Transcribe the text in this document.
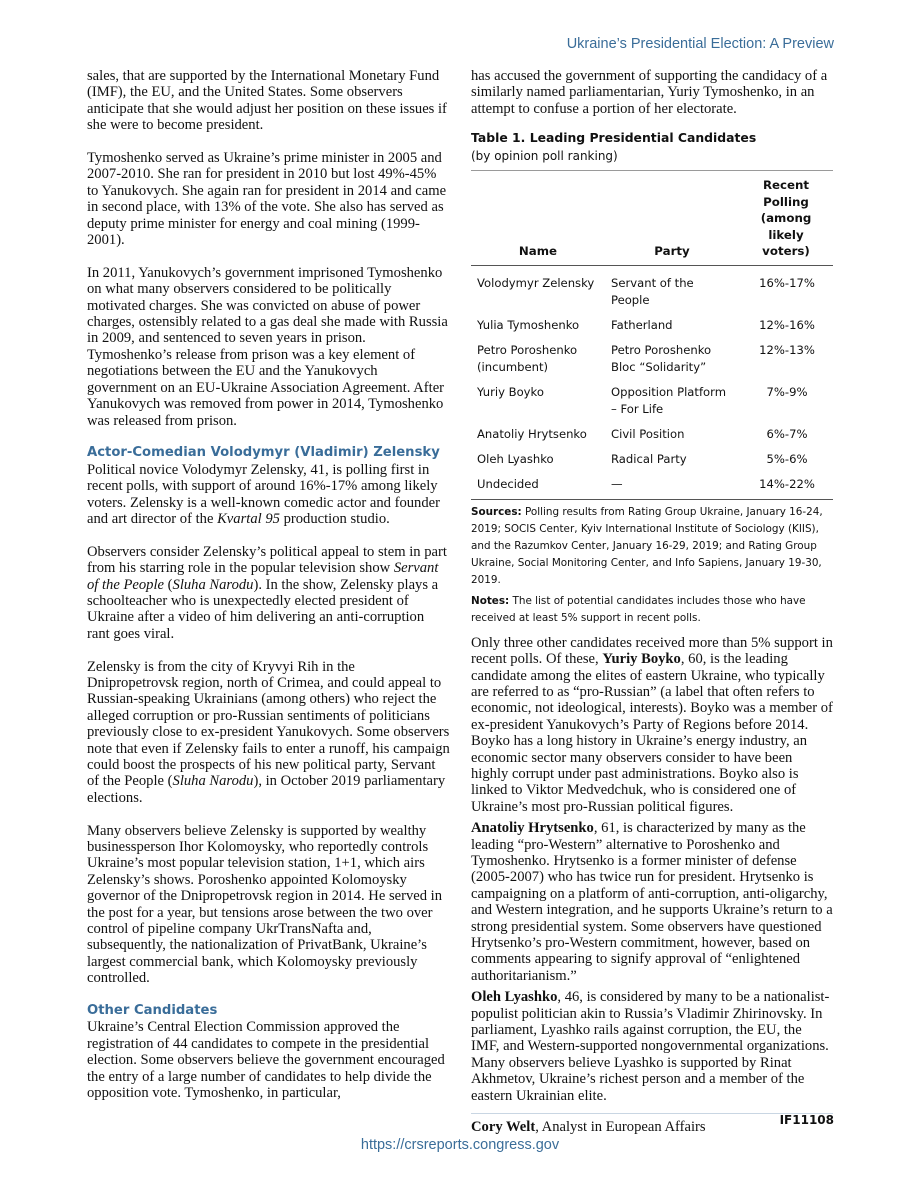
Ukraine’s Presidential Election: A Preview

sales, that are supported by the International Monetary Fund (IMF), the EU, and the United States. Some observers anticipate that she would adjust her position on these issues if she were to become president.

Tymoshenko served as Ukraine’s prime minister in 2005 and 2007-2010. She ran for president in 2010 but lost 49%-45% to Yanukovych. She again ran for president in 2014 and came in second place, with 13% of the vote. She also has served as deputy prime minister for energy and coal mining (1999-2001).

In 2011, Yanukovych’s government imprisoned Tymoshenko on what many observers considered to be politically motivated charges. She was convicted on abuse of power charges, ostensibly related to a gas deal she made with Russia in 2009, and sentenced to seven years in prison. Tymoshenko’s release from prison was a key element of negotiations between the EU and the Yanukovych government on an EU-Ukraine Association Agreement. After Yanukovych was removed from power in 2014, Tymoshenko was released from prison.

Actor-Comedian Volodymyr (Vladimir) Zelensky

Political novice Volodymyr Zelensky, 41, is polling first in recent polls, with support of around 16%-17% among likely voters. Zelensky is a well-known comedic actor and founder and art director of the Kvartal 95 production studio.

Observers consider Zelensky’s political appeal to stem in part from his starring role in the popular television show Servant of the People (Sluha Narodu). In the show, Zelensky plays a schoolteacher who is unexpectedly elected president of Ukraine after a video of him delivering an anti-corruption rant goes viral.

Zelensky is from the city of Kryvyi Rih in the Dnipropetrovsk region, north of Crimea, and could appeal to Russian-speaking Ukrainians (among others) who reject the alleged corruption or pro-Russian sentiments of politicians previously close to ex-president Yanukovych. Some observers note that even if Zelensky fails to enter a runoff, his campaign could boost the prospects of his new political party, Servant of the People (Sluha Narodu), in October 2019 parliamentary elections.

Many observers believe Zelensky is supported by wealthy businessperson Ihor Kolomoysky, who reportedly controls Ukraine’s most popular television station, 1+1, which airs Zelensky’s shows. Poroshenko appointed Kolomoysky governor of the Dnipropetrovsk region in 2014. He served in the post for a year, but tensions arose between the two over control of pipeline company UkrTransNafta and, subsequently, the nationalization of PrivatBank, Ukraine’s largest commercial bank, which Kolomoysky previously controlled.

Other Candidates

Ukraine’s Central Election Commission approved the registration of 44 candidates to compete in the presidential election. Some observers believe the government encouraged the entry of a large number of candidates to help divide the opposition vote. Tymoshenko, in particular,

has accused the government of supporting the candidacy of a similarly named parliamentarian, Yuriy Tymoshenko, in an attempt to confuse a portion of her electorate.

Table 1. Leading Presidential Candidates
(by opinion poll ranking)
Name	Party	Recent Polling (among likely voters)
Volodymyr Zelensky	Servant of the People	16%-17%
Yulia Tymoshenko	Fatherland	12%-16%
Petro Poroshenko (incumbent)	Petro Poroshenko Bloc “Solidarity”	12%-13%
Yuriy Boyko	Opposition Platform – For Life	7%-9%
Anatoliy Hrytsenko	Civil Position	6%-7%
Oleh Lyashko	Radical Party	5%-6%
Undecided	—	14%-22%

Sources: Polling results from Rating Group Ukraine, January 16-24, 2019; SOCIS Center, Kyiv International Institute of Sociology (KIIS), and the Razumkov Center, January 16-29, 2019; and Rating Group Ukraine, Social Monitoring Center, and Info Sapiens, January 19-30, 2019.

Notes: The list of potential candidates includes those who have received at least 5% support in recent polls.

Only three other candidates received more than 5% support in recent polls. Of these, Yuriy Boyko, 60, is the leading candidate among the elites of eastern Ukraine, who typically are referred to as “pro-Russian” (a label that often refers to economic, not ideological, interests). Boyko was a member of ex-president Yanukovych’s Party of Regions before 2014. Boyko has a long history in Ukraine’s energy industry, an economic sector many observers consider to have been highly corrupt under past administrations. Boyko also is linked to Viktor Medvedchuk, who is considered one of Ukraine’s most pro-Russian political figures.

Anatoliy Hrytsenko, 61, is characterized by many as the leading “pro-Western” alternative to Poroshenko and Tymoshenko. Hrytsenko is a former minister of defense (2005-2007) who has twice run for president. Hrytsenko is campaigning on a platform of anti-corruption, anti-oligarchy, and Western integration, and he supports Ukraine’s return to a strong presidential system. Some observers have questioned Hrytsenko’s pro-Western commitment, however, based on comments appearing to signify approval of “enlightened authoritarianism.”

Oleh Lyashko, 46, is considered by many to be a nationalist-populist politician akin to Russia’s Vladimir Zhirinovsky. In parliament, Lyashko rails against corruption, the EU, the IMF, and Western-supported nongovernmental organizations. Many observers believe Lyashko is supported by Rinat Akhmetov, Ukraine’s richest person and a member of the eastern Ukrainian elite.

Cory Welt, Analyst in European Affairs	IF11108
https://crsreports.congress.gov
